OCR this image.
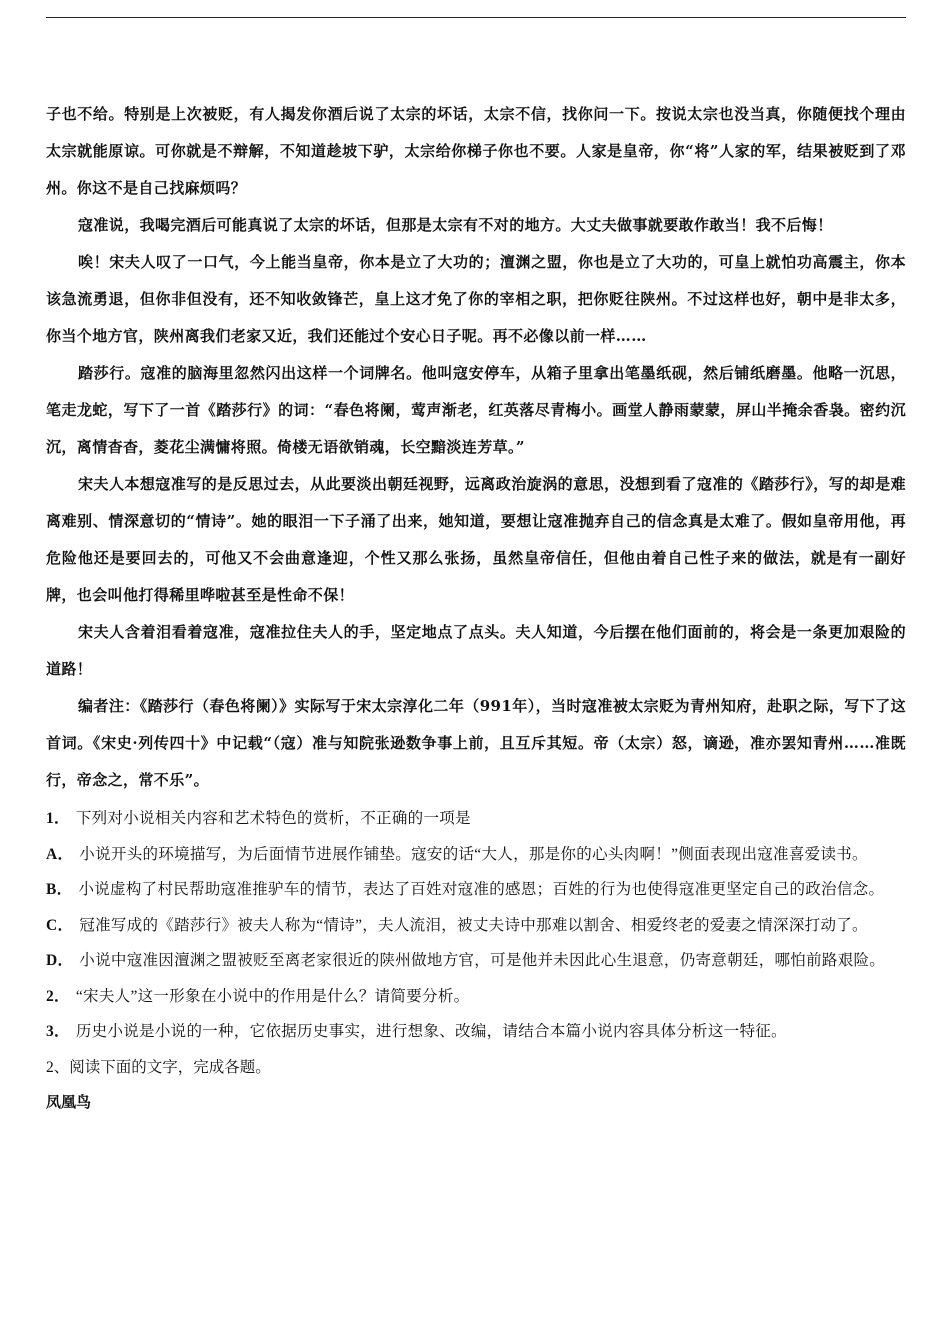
子也不给。特别是上次被贬，有人揭发你酒后说了太宗的坏话，太宗不信，找你问一下。按说太宗也没当真，你随便找个理由太宗就能原谅。可你就是不辩解，不知道趁坡下驴，太宗给你梯子你也不要。人家是皇帝，你“将”人家的军，结果被贬到了邓州。你这不是自己找麻烦吗？

寇准说，我喝完酒后可能真说了太宗的坏话，但那是太宗有不对的地方。大丈夫做事就要敢作敢当！我不后悔！

唉！宋夫人叹了一口气，今上能当皇帝，你本是立了大功的；澶渊之盟，你也是立了大功的，可皇上就怕功高震主，你本该急流勇退，但你非但没有，还不知收敛锋芒，皇上这才免了你的宰相之职，把你贬往陕州。不过这样也好，朝中是非太多，你当个地方官，陕州离我们老家又近，我们还能过个安心日子呢。再不必像以前一样……

踏莎行。寇准的脑海里忽然闪出这样一个词牌名。他叫寇安停车，从箱子里拿出笔墨纸砚，然后铺纸磨墨。他略一沉思，笔走龙蛇，写下了一首《踏莎行》的词：“春色将阑，莺声渐老，红英落尽青梅小。画堂人静雨蒙蒙，屏山半掩余香袅。密约沉沉，离情杳杳，菱花尘满慵将照。倚楼无语欲销魂，长空黯淡连芳草。”

宋夫人本想寇准写的是反思过去，从此要淡出朝廷视野，远离政治旋涡的意思，没想到看了寇准的《踏莎行》，写的却是难离难别、情深意切的“情诗”。她的眼泪一下子涌了出来，她知道，要想让寇准抛弃自己的信念真是太难了。假如皇帝用他，再危险他还是要回去的，可他又不会曲意逢迎，个性又那么张扬，虽然皇帝信任，但他由着自己性子来的做法，就是有一副好牌，也会叫他打得稀里哗啦甚至是性命不保！

宋夫人含着泪看着寇准，寇准拉住夫人的手，坚定地点了点头。夫人知道，今后摆在他们面前的，将会是一条更加艰险的道路！

编者注：《踏莎行（春色将阑）》实际写于宋太宗淳化二年（991年），当时寇准被太宗贬为青州知府，赴职之际，写下了这首词。《宋史·列传四十》中记载“（寇）准与知院张逊数争事上前，且互斥其短。帝（太宗）怒，谪逊，准亦罢知青州……准既行，帝念之，常不乐”。

1． 下列对小说相关内容和艺术特色的赏析，不正确的一项是

A． 小说开头的环境描写，为后面情节进展作铺垫。寇安的话“大人，那是你的心头肉啊！”侧面表现出寇准喜爱读书。

B． 小说虚构了村民帮助寇准推驴车的情节，表达了百姓对寇准的感恩；百姓的行为也使得寇准更坚定自己的政治信念。

C． 冠准写成的《踏莎行》被夫人称为“情诗”，夫人流泪，被丈夫诗中那难以割舍、相爱终老的爱妻之情深深打动了。

D． 小说中寇准因澶渊之盟被贬至离老家很近的陕州做地方官，可是他并未因此心生退意，仍寄意朝廷，哪怕前路艰险。

2． “宋夫人”这一形象在小说中的作用是什么？请简要分析。

3． 历史小说是小说的一种，它依据历史事实，进行想象、改编，请结合本篇小说内容具体分析这一特征。

2、阅读下面的文字，完成各题。

凤凰鸟
